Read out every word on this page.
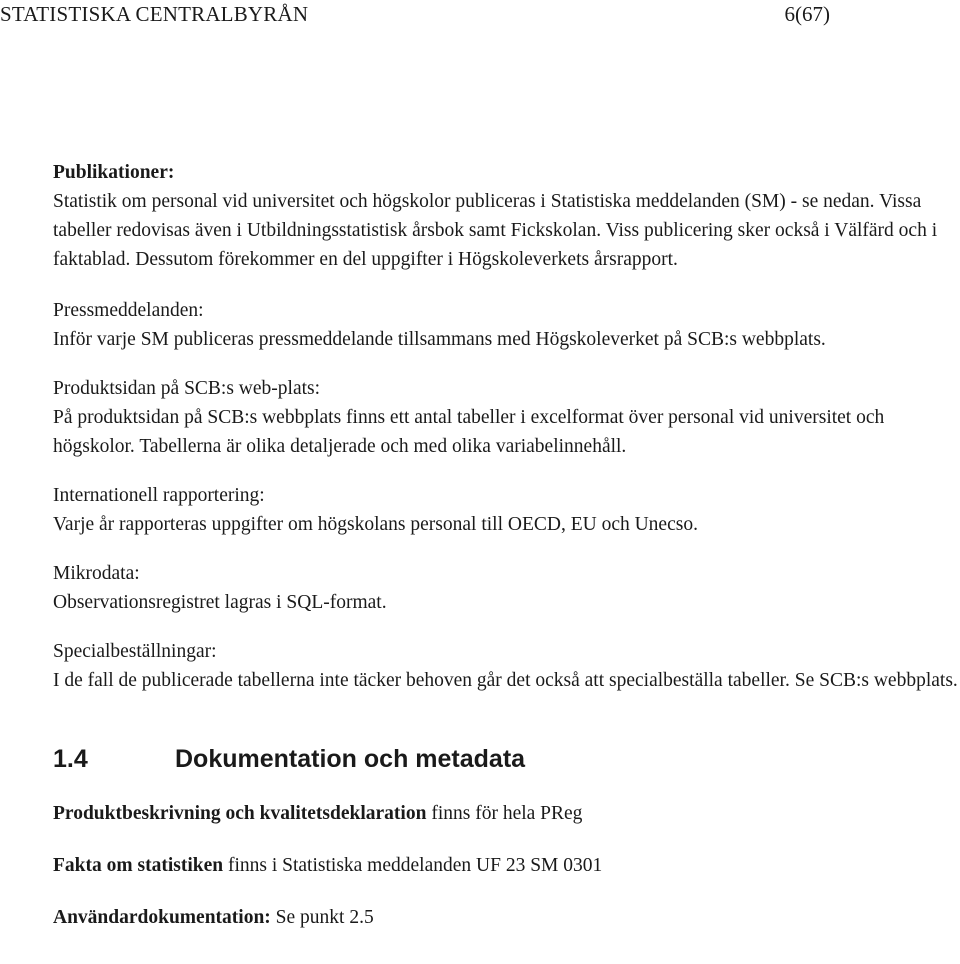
STATISTISKA CENTRALBYRÅN	6(67)
Publikationer:

Statistik om personal vid universitet och högskolor publiceras i Statistiska meddelanden (SM) - se nedan. Vissa tabeller redovisas även i Utbildningsstatistisk årsbok samt Fickskolan. Viss publicering sker också i Välfärd och i faktablad. Dessutom förekommer en del uppgifter i Högskoleverkets årsrapport.

Pressmeddelanden:

Inför varje SM publiceras pressmeddelande tillsammans med Högskoleverket på SCB:s webbplats.

Produktsidan på SCB:s web-plats:

På produktsidan på SCB:s webbplats finns ett antal tabeller i excelformat över personal vid universitet och högskolor. Tabellerna är olika detaljerade och med olika variabelinnehåll.

Internationell rapportering:

Varje år rapporteras uppgifter om högskolans personal till OECD, EU och Unecso.

Mikrodata:

Observationsregistret lagras i SQL-format.

Specialbeställningar:

I de fall de publicerade tabellerna inte täcker behoven går det också att specialbeställa tabeller. Se SCB:s webbplats.

1.4	Dokumentation och metadata
Produktbeskrivning och kvalitetsdeklaration finns för hela PReg
Fakta om statistiken finns i Statistiska meddelanden UF 23 SM 0301
Användardokumentation: Se punkt 2.5
